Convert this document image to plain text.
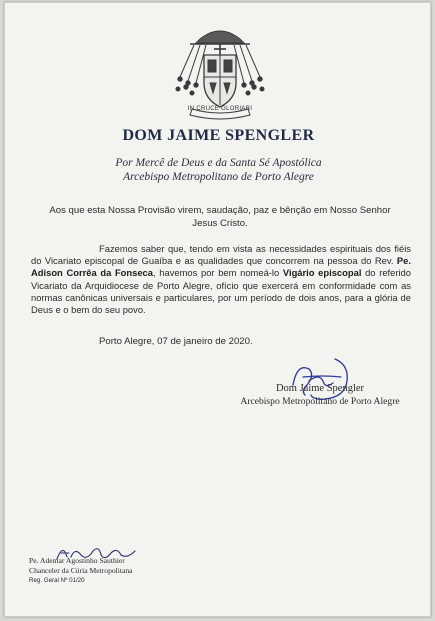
IN CRUCE GLORIARI
DOM JAIME SPENGLER
Por Mercê de Deus e da Santa Sé Apostólica
Arcebispo Metropolitano de Porto Alegre
Aos que esta Nossa Provisão virem, saudação, paz e bênção em Nosso Senhor Jesus Cristo.
Fazemos saber que, tendo em vista as necessidades espirituais dos fiéis do Vicariato episcopal de Guaíba e as qualidades que concorrem na pessoa do Rev. Pe. Adison Corrêa da Fonseca, havemos por bem nomeá-lo Vigário episcopal do referido Vicariato da Arquidiocese de Porto Alegre, ofício que exercerá em conformidade com as normas canônicas universais e particulares, por um período de dois anos, para a glória de Deus e o bem do seu povo.
Porto Alegre, 07 de janeiro de 2020.
Dom Jaime Spengler
Arcebispo Metropolitano de Porto Alegre
Pe. Ademar Agostinho Sauthier
Chanceler da Cúria Metropolitana
Reg. Geral Nº 01/20
